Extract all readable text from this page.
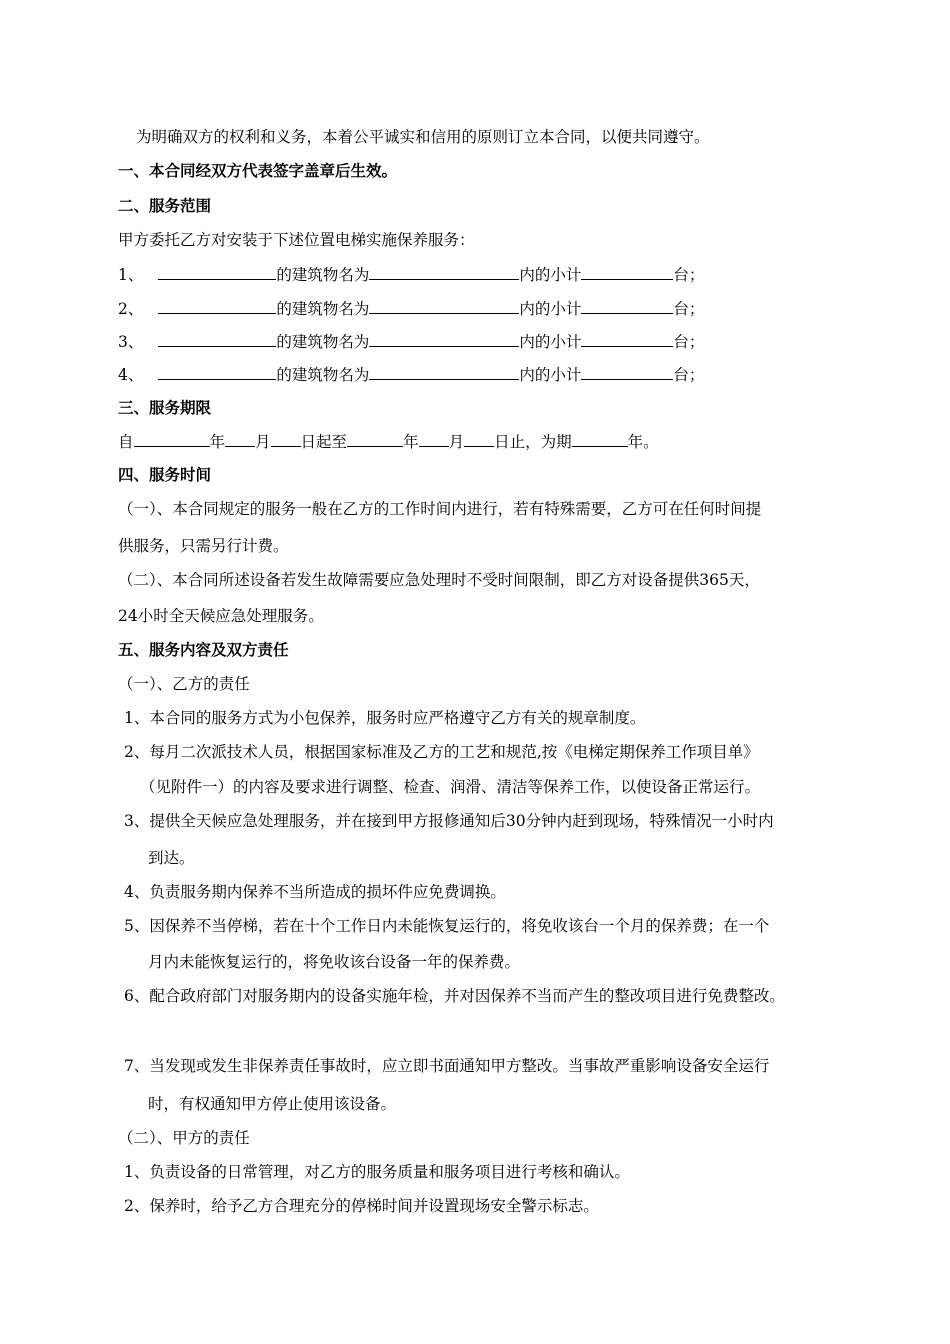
为明确双方的权利和义务，本着公平诚实和信用的原则订立本合同，以便共同遵守。
一、本合同经双方代表签字盖章后生效。
二、服务范围
甲方委托乙方对安装于下述位置电梯实施保养服务：
1、	的建筑物名为	内的小计	台；
2、	的建筑物名为	内的小计	台；
3、	的建筑物名为	内的小计	台；
4、	的建筑物名为	内的小计	台；
三、服务期限
自	年 月 日起至	年 月 日止，为期	年。
四、服务时间
（一）、本合同规定的服务一般在乙方的工作时间内进行，若有特殊需要，乙方可在任何时间提
供服务，只需另行计费。
（二）、本合同所述设备若发生故障需要应急处理时不受时间限制，即乙方对设备提供365天，
24小时全天候应急处理服务。
五、服务内容及双方责任
（一）、乙方的责任
1、本合同的服务方式为小包保养，服务时应严格遵守乙方有关的规章制度。
2、每月二次派技术人员，根据国家标准及乙方的工艺和规范,按《电梯定期保养工作项目单》
（见附件一）的内容及要求进行调整、检查、润滑、清洁等保养工作，以使设备正常运行。
3、提供全天候应急处理服务，并在接到甲方报修通知后30分钟内赶到现场，特殊情况一小时内
到达。
4、负责服务期内保养不当所造成的损坏件应免费调换。
5、因保养不当停梯，若在十个工作日内未能恢复运行的，将免收该台一个月的保养费；在一个
月内未能恢复运行的，将免收该台设备一年的保养费。
6、配合政府部门对服务期内的设备实施年检，并对因保养不当而产生的整改项目进行免费整改。
7、当发现或发生非保养责任事故时，应立即书面通知甲方整改。当事故严重影响设备安全运行
时，有权通知甲方停止使用该设备。
（二）、甲方的责任
1、负责设备的日常管理，对乙方的服务质量和服务项目进行考核和确认。
2、保养时，给予乙方合理充分的停梯时间并设置现场安全警示标志。
